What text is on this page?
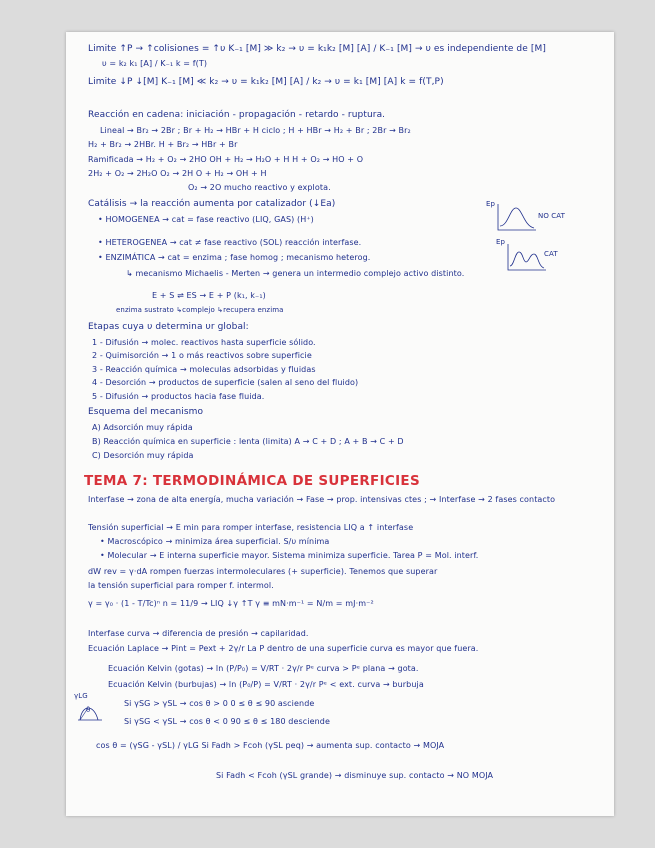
Limite ↑P → ↑colisiones = ↑υ K₋₁ [M] ≫ k₂ → υ = k₁k₂ [M] [A] / K₋₁ [M] → υ es independiente de [M]
υ = k₂ k₁ [A] / K₋₁ k = f(T)
Limite ↓P ↓[M] K₋₁ [M] ≪ k₂ → υ = k₁k₂ [M] [A] / k₂ → υ = k₁ [M] [A] k = f(T,P)
Reacción en cadena: iniciación - propagación - retardo - ruptura.
Lineal → Br₂ → 2Br ; Br + H₂ → HBr + H ciclo ; H + HBr → H₂ + Br ; 2Br → Br₂
H₂ + Br₂ → 2HBr. H + Br₂ → HBr + Br
Ramificada → H₂ + O₂ → 2HO OH + H₂ → H₂O + H H + O₂ → HO + O
2H₂ + O₂ → 2H₂O O₂ → 2H O + H₂ → OH + H
O₂ → 2O mucho reactivo y explota.
Catálisis → la reacción aumenta por catalizador (↓Ea)
• HOMOGENEA → cat = fase reactivo (LIQ, GAS) (H⁺)
Ep
NO CAT
Ep
CAT
• HETEROGENEA → cat ≠ fase reactivo (SOL) reacción interfase.
• ENZIMÁTICA → cat = enzima ; fase homog ; mecanismo heterog.
↳ mecanismo Michaelis - Merten → genera un intermedio complejo activo distinto.
E + S ⇌ ES → E + P (k₁, k₋₁)
enzima sustrato ↳complejo ↳recupera enzima
Etapas cuya υ determina υr global:
1 - Difusión → molec. reactivos hasta superficie sólido.
2 - Quimisorción → 1 o más reactivos sobre superficie
3 - Reacción química → moleculas adsorbidas y fluidas
4 - Desorción → productos de superficie (salen al seno del fluido)
5 - Difusión → productos hacia fase fluida.
Esquema del mecanismo
A) Adsorción muy rápida
B) Reacción química en superficie : lenta (limita) A → C + D ; A + B → C + D
C) Desorción muy rápida
TEMA 7: TERMODINÁMICA DE SUPERFICIES
Interfase → zona de alta energía, mucha variación → Fase → prop. intensivas ctes ; → Interfase → 2 fases contacto
Tensión superficial → E min para romper interfase, resistencia LIQ a ↑ interfase
• Macroscópico → minimiza área superficial. S/υ mínima
• Molecular → E interna superficie mayor. Sistema minimiza superficie. Tarea P = Mol. interf.
dW rev = γ·dA rompen fuerzas intermoleculares (+ superficie). Tenemos que superar
la tensión superficial para romper f. intermol.
γ = γ₀ · (1 - T/Tc)ⁿ n = 11/9 → LIQ ↓γ ↑T γ ≡ mN·m⁻¹ = N/m = mJ·m⁻²
Interfase curva → diferencia de presión → capilaridad.
Ecuación Laplace → Pint = Pext + 2γ/r La P dentro de una superficie curva es mayor que fuera.
Ecuación Kelvin (gotas) → ln (P/P₀) = V/RT · 2γ/r Pᵉ curva > Pᵉ plana → gota.
Ecuación Kelvin (burbujas) → ln (P₀/P) = V/RT · 2γ/r Pᵉ < ext. curva → burbuja
γLG
θ
Si γSG > γSL → cos θ > 0 0 ≤ θ ≤ 90 asciende
Si γSG < γSL → cos θ < 0 90 ≤ θ ≤ 180 desciende
cos θ = (γSG - γSL) / γLG Si Fadh > Fcoh (γSL peq) → aumenta sup. contacto → MOJA
Si Fadh < Fcoh (γSL grande) → disminuye sup. contacto → NO MOJA
